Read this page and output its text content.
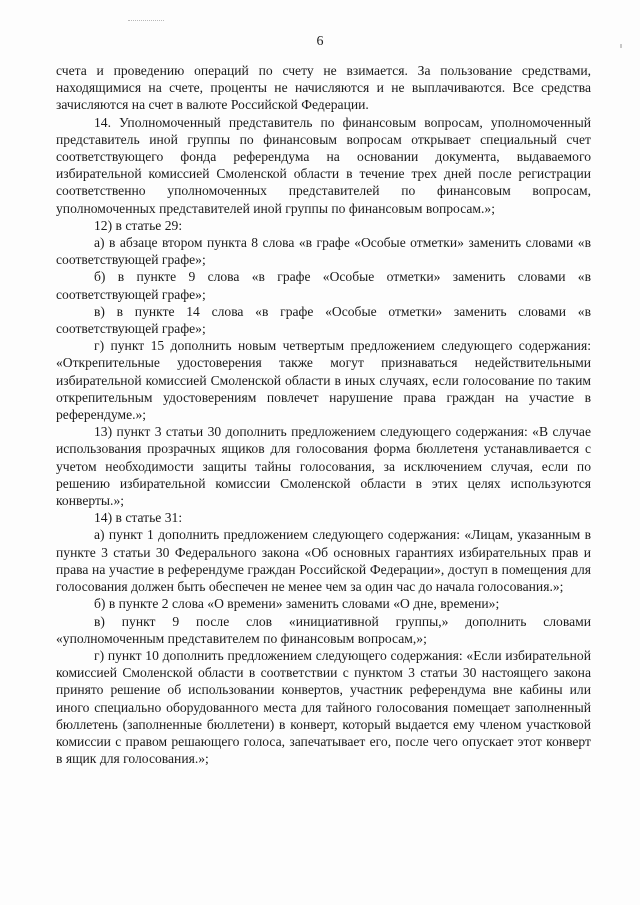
6

счета и проведению операций по счету не взимается. За пользование средствами, находящимися на счете, проценты не начисляются и не выплачиваются. Все средства зачисляются на счет в валюте Российской Федерации.

14. Уполномоченный представитель по финансовым вопросам, уполномоченный представитель иной группы по финансовым вопросам открывает специальный счет соответствующего фонда референдума на основании документа, выдаваемого избирательной комиссией Смоленской области в течение трех дней после регистрации соответственно уполномоченных представителей по финансовым вопросам, уполномоченных представителей иной группы по финансовым вопросам.»;

12) в статье 29:

а) в абзаце втором пункта 8 слова «в графе «Особые отметки» заменить словами «в соответствующей графе»;

б) в пункте 9 слова «в графе «Особые отметки» заменить словами «в соответствующей графе»;

в) в пункте 14 слова «в графе «Особые отметки» заменить словами «в соответствующей графе»;

г) пункт 15 дополнить новым четвертым предложением следующего содержания: «Открепительные удостоверения также могут признаваться недействительными избирательной комиссией Смоленской области в иных случаях, если голосование по таким открепительным удостоверениям повлечет нарушение права граждан на участие в референдуме.»;

13) пункт 3 статьи 30 дополнить предложением следующего содержания: «В случае использования прозрачных ящиков для голосования форма бюллетеня устанавливается с учетом необходимости защиты тайны голосования, за исключением случая, если по решению избирательной комиссии Смоленской области в этих целях используются конверты.»;

14) в статье 31:

а) пункт 1 дополнить предложением следующего содержания: «Лицам, указанным в пункте 3 статьи 30 Федерального закона «Об основных гарантиях избирательных прав и права на участие в референдуме граждан Российской Федерации», доступ в помещения для голосования должен быть обеспечен не менее чем за один час до начала голосования.»;

б) в пункте 2 слова «О времени» заменить словами «О дне, времени»;

в) пункт 9 после слов «инициативной группы,» дополнить словами «уполномоченным представителем по финансовым вопросам,»;

г) пункт 10 дополнить предложением следующего содержания: «Если избирательной комиссией Смоленской области в соответствии с пунктом 3 статьи 30 настоящего закона принято решение об использовании конвертов, участник референдума вне кабины или иного специально оборудованного места для тайного голосования помещает заполненный бюллетень (заполненные бюллетени) в конверт, который выдается ему членом участковой комиссии с правом решающего голоса, запечатывает его, после чего опускает этот конверт в ящик для голосования.»;
